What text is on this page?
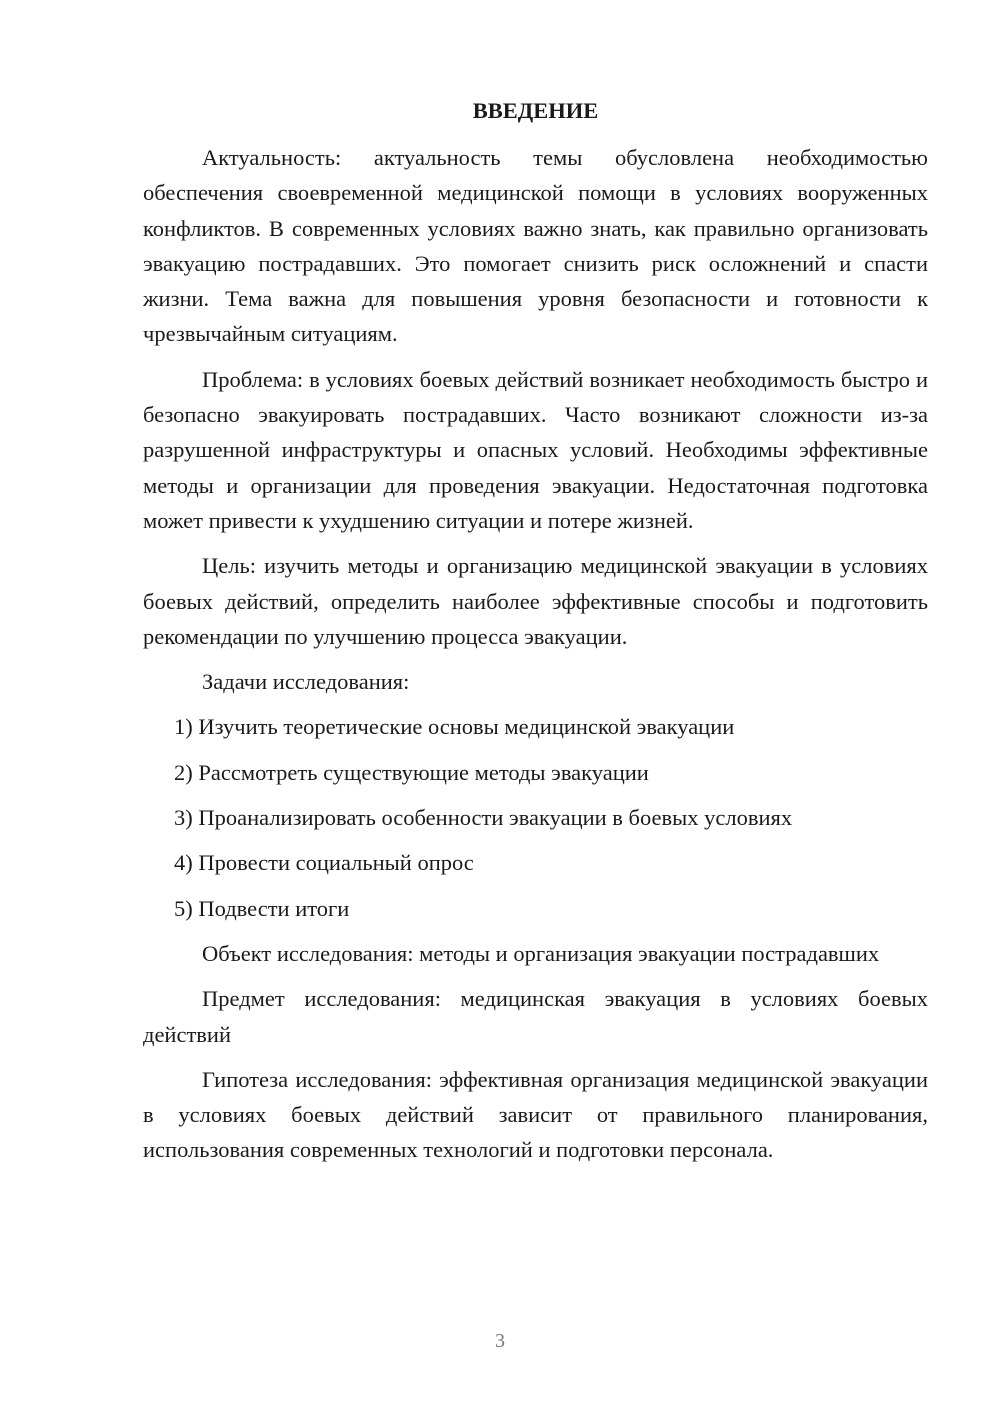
ВВЕДЕНИЕ

Актуальность: актуальность темы обусловлена необходимостью обеспечения своевременной медицинской помощи в условиях вооруженных конфликтов. В современных условиях важно знать, как правильно организовать эвакуацию пострадавших. Это помогает снизить риск осложнений и спасти жизни. Тема важна для повышения уровня безопасности и готовности к чрезвычайным ситуациям.

Проблема: в условиях боевых действий возникает необходимость быстро и безопасно эвакуировать пострадавших. Часто возникают сложности из-за разрушенной инфраструктуры и опасных условий. Необходимы эффективные методы и организации для проведения эвакуации. Недостаточная подготовка может привести к ухудшению ситуации и потере жизней.

Цель: изучить методы и организацию медицинской эвакуации в условиях боевых действий, определить наиболее эффективные способы и подготовить рекомендации по улучшению процесса эвакуации.

Задачи исследования:

1) Изучить теоретические основы медицинской эвакуации
2) Рассмотреть существующие методы эвакуации
3) Проанализировать особенности эвакуации в боевых условиях
4) Провести социальный опрос
5) Подвести итоги

Объект исследования: методы и организация эвакуации пострадавших

Предмет исследования: медицинская эвакуация в условиях боевых действий

Гипотеза исследования: эффективная организация медицинской эвакуации в условиях боевых действий зависит от правильного планирования, использования современных технологий и подготовки персонала.

3
